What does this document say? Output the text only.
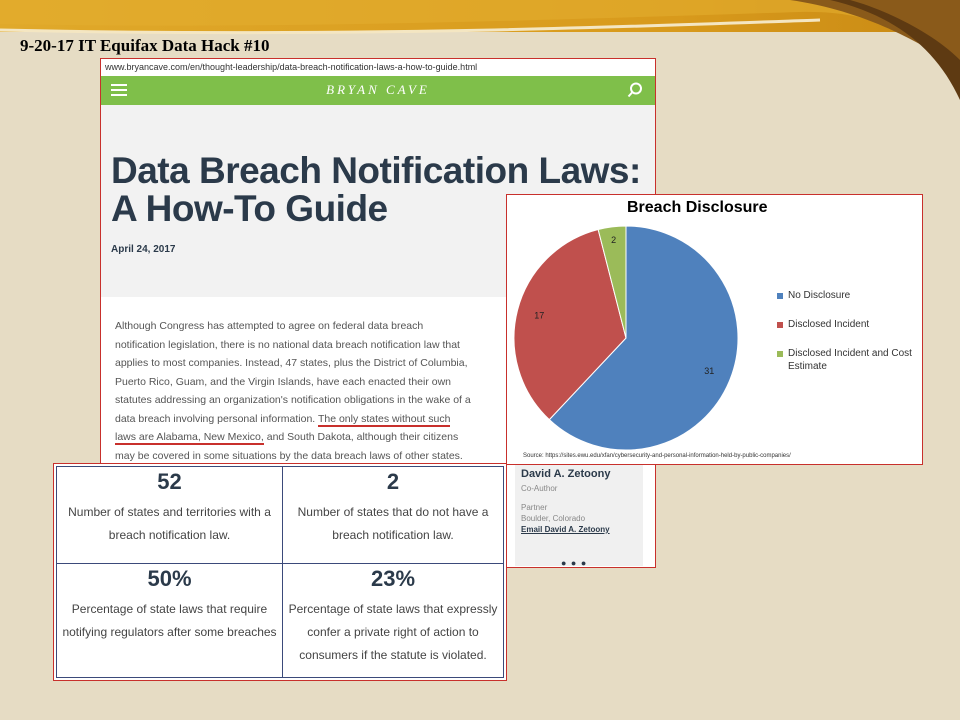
9-20-17 IT Equifax Data Hack #10
www.bryancave.com/en/thought-leadership/data-breach-notification-laws-a-how-to-guide.html
BRYAN CAVE
Data Breach Notification Laws: A How-To Guide
April 24, 2017
Although Congress has attempted to agree on federal data breach notification legislation, there is no national data breach notification law that applies to most companies. Instead, 47 states, plus the District of Columbia, Puerto Rico, Guam, and the Virgin Islands, have each enacted their own statutes addressing an organization's notification obligations in the wake of a data breach involving personal information. The only states without such laws are Alabama, New Mexico, and South Dakota, although their citizens may be covered in some situations by the data breach laws of other states.
David A. Zetoony
Co-Author
Partner
Boulder, Colorado
Email David A. Zetoony
● ● ●
31
17
2
Breach Disclosure
No Disclosure
Disclosed Incident
Disclosed Incident and Cost Estimate
Source: https://sites.ewu.edu/xfan/cybersecurity-and-personal-information-held-by-public-companies/
52
Number of states and territories with a breach notification law.
2
Number of states that do not have a breach notification law.
50%
Percentage of state laws that require notifying regulators after some breaches
23%
Percentage of state laws that expressly confer a private right of action to consumers if the statute is violated.
